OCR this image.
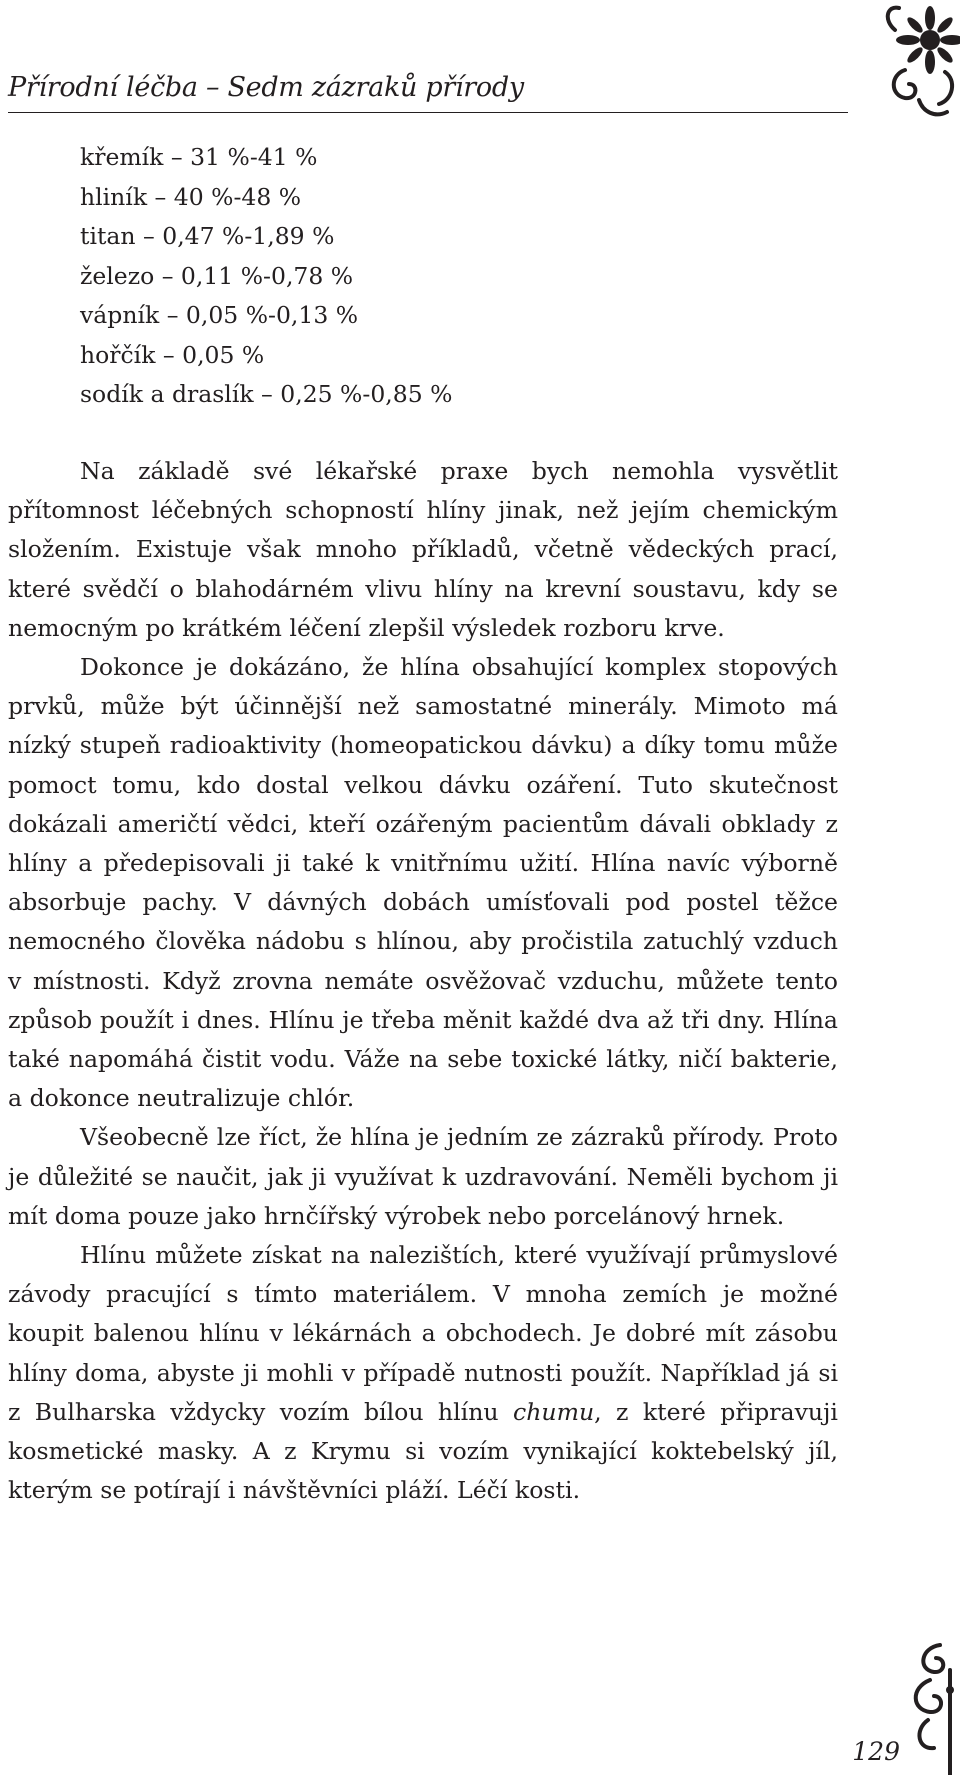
Přírodní léčba – Sedm zázraků přírody
křemík – 31 %-41 %
hliník – 40 %-48 %
titan – 0,47 %-1,89 %
železo – 0,11 %-0,78 %
vápník – 0,05 %-0,13 %
hořčík – 0,05 %
sodík a draslík – 0,25 %-0,85 %

Na základě své lékařské praxe bych nemohla vysvětlit přítomnost léčebných schopností hlíny jinak, než jejím chemickým složením. Existuje však mnoho příkladů, včetně vědeckých prací, které svědčí o blahodárném vlivu hlíny na krevní soustavu, kdy se nemocným po krátkém léčení zlepšil výsledek rozboru krve.

Dokonce je dokázáno, že hlína obsahující komplex stopových prvků, může být účinnější než samostatné minerály. Mimoto má nízký stupeň radioaktivity (homeopatickou dávku) a díky tomu může pomoct tomu, kdo dostal velkou dávku ozáření. Tuto skutečnost dokázali američtí vědci, kteří ozářeným pacientům dávali obklady z hlíny a předepisovali ji také k vnitřnímu užití. Hlína navíc výborně absorbuje pachy. V dávných dobách umísťovali pod postel těžce nemocného člověka nádobu s hlínou, aby pročistila zatuchlý vzduch v místnosti. Když zrovna nemáte osvěžovač vzduchu, můžete tento způsob použít i dnes. Hlínu je třeba měnit každé dva až tři dny. Hlína také napomáhá čistit vodu. Váže na sebe toxické látky, ničí bakterie, a dokonce neutralizuje chlór.

Všeobecně lze říct, že hlína je jedním ze zázraků přírody. Proto je důležité se naučit, jak ji využívat k uzdravování. Neměli bychom ji mít doma pouze jako hrnčířský výrobek nebo porcelánový hrnek.

Hlínu můžete získat na nalezištích, které využívají průmyslové závody pracující s tímto materiálem. V mnoha zemích je možné koupit balenou hlínu v lékárnách a obchodech. Je dobré mít zásobu hlíny doma, abyste ji mohli v případě nutnosti použít. Například já si z Bulharska vždycky vozím bílou hlínu chumu, z které připravuji kosmetické masky. A z Krymu si vozím vynikající koktebelský jíl, kterým se potírají i návštěvníci pláží. Léčí kosti.

129
